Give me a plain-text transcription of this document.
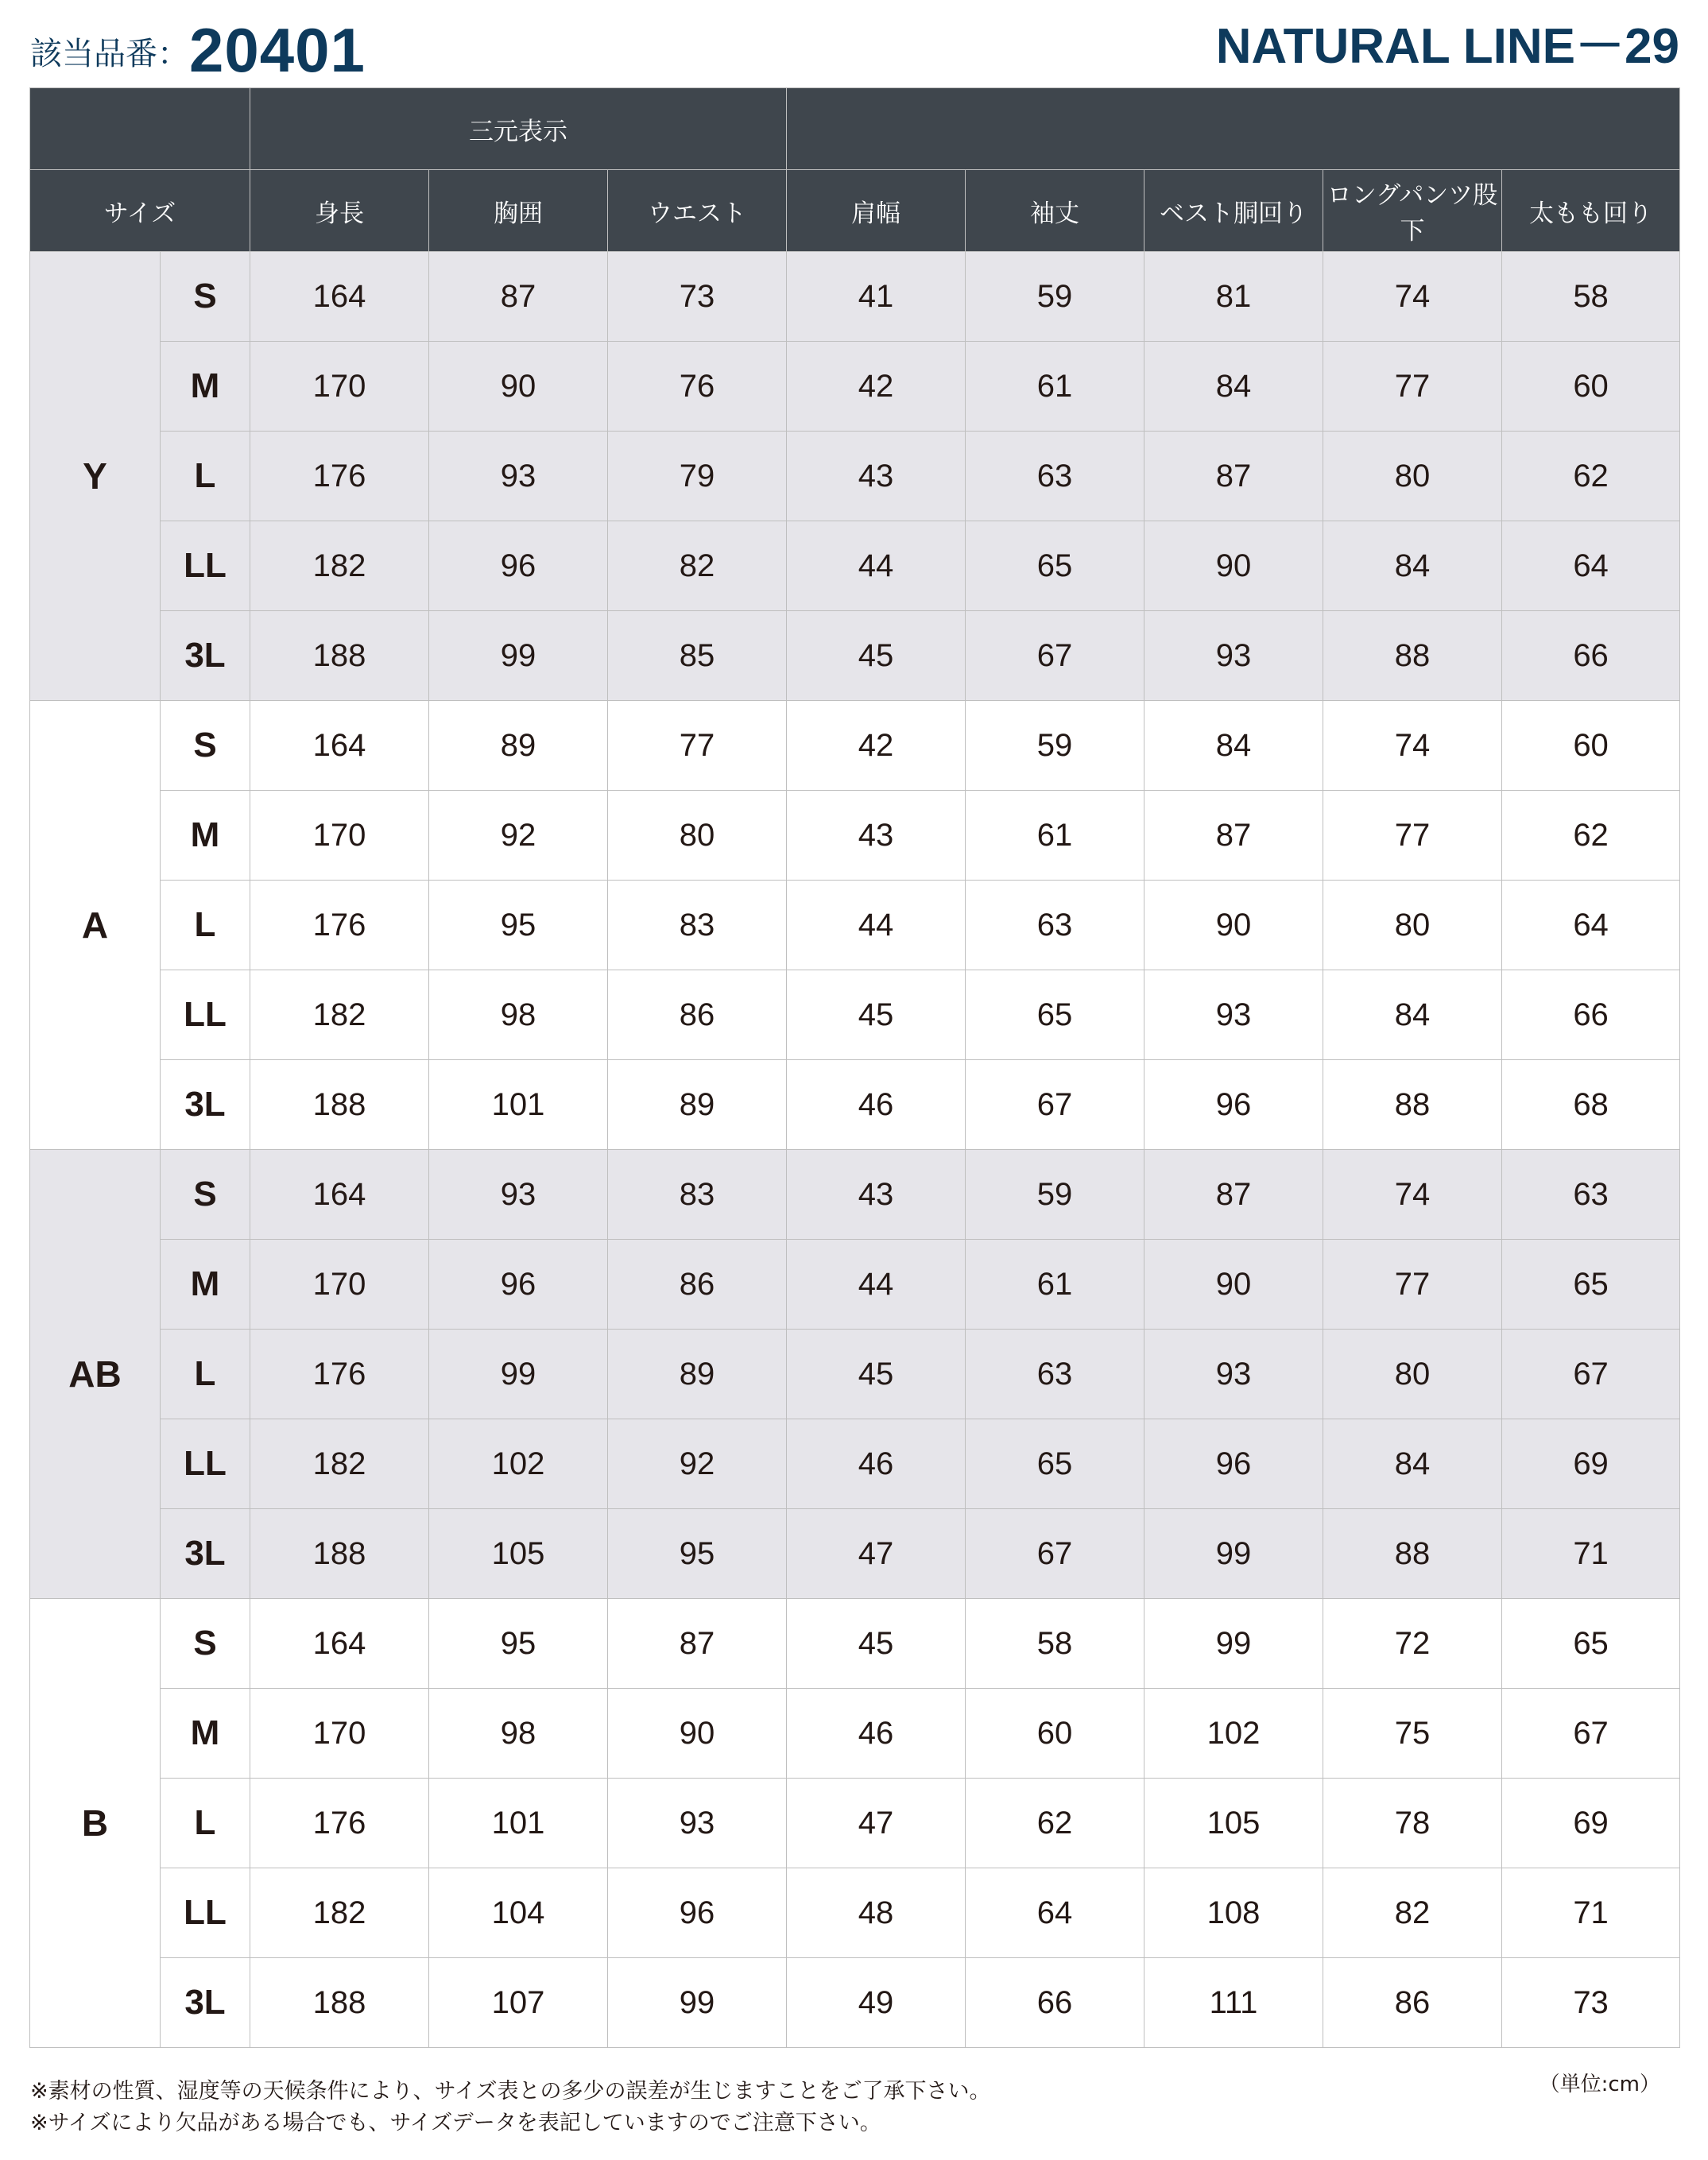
該当品番： 20401	NATURAL LINE－29
		三元表示							
サイズ		身長	胸囲	ウエスト	肩幅	袖丈	ベスト胴回り	ロングパンツ股下	太もも回り
Y	S	164	87	73	41	59	81	74	58
	M	170	90	76	42	61	84	77	60
	L	176	93	79	43	63	87	80	62
	LL	182	96	82	44	65	90	84	64
	3L	188	99	85	45	67	93	88	66
A	S	164	89	77	42	59	84	74	60
	M	170	92	80	43	61	87	77	62
	L	176	95	83	44	63	90	80	64
	LL	182	98	86	45	65	93	84	66
	3L	188	101	89	46	67	96	88	68
AB	S	164	93	83	43	59	87	74	63
	M	170	96	86	44	61	90	77	65
	L	176	99	89	45	63	93	80	67
	LL	182	102	92	46	65	96	84	69
	3L	188	105	95	47	67	99	88	71
B	S	164	95	87	45	58	99	72	65
	M	170	98	90	46	60	102	75	67
	L	176	101	93	47	62	105	78	69
	LL	182	104	96	48	64	108	82	71
	3L	188	107	99	49	66	111	86	73
（単位:cm）
※素材の性質、湿度等の天候条件により、サイズ表との多少の誤差が生じますことをご了承下さい。
※サイズにより欠品がある場合でも、サイズデータを表記していますのでご注意下さい。
